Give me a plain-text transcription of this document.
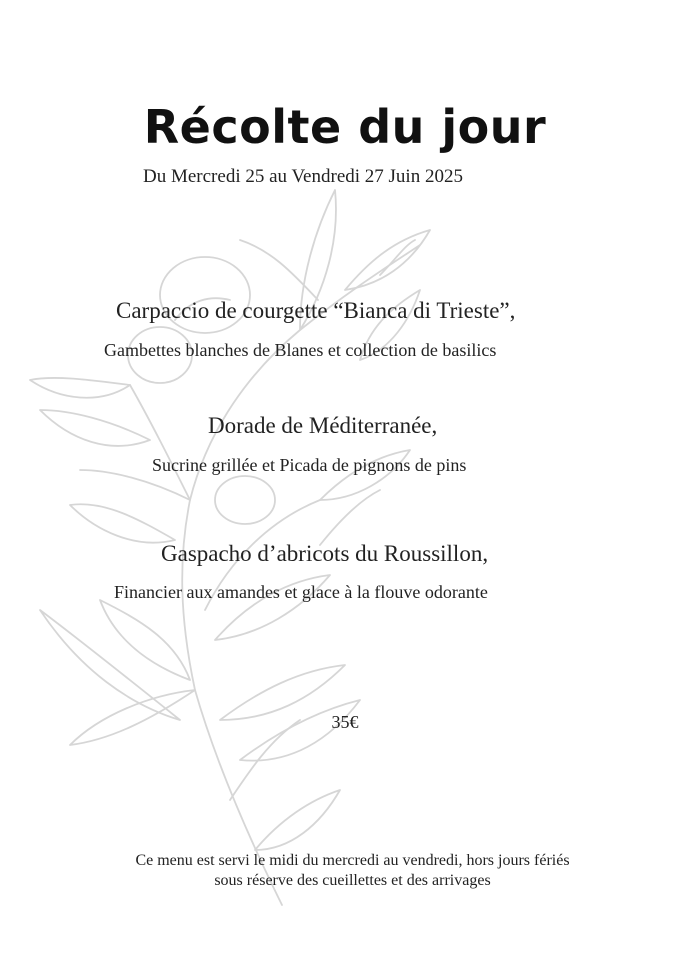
Récolte du jour
Du Mercredi 25 au Vendredi 27 Juin 2025
Carpaccio de courgette “Bianca di Trieste”,
Gambettes blanches de Blanes et collection de basilics
Dorade de Méditerranée,
Sucrine grillée et Picada de pignons de pins
Gaspacho d’abricots du Roussillon,
Financier aux amandes et glace à la flouve odorante
35€
Ce menu est servi le midi du mercredi au vendredi, hors jours fériés
sous réserve des cueillettes et des arrivages
